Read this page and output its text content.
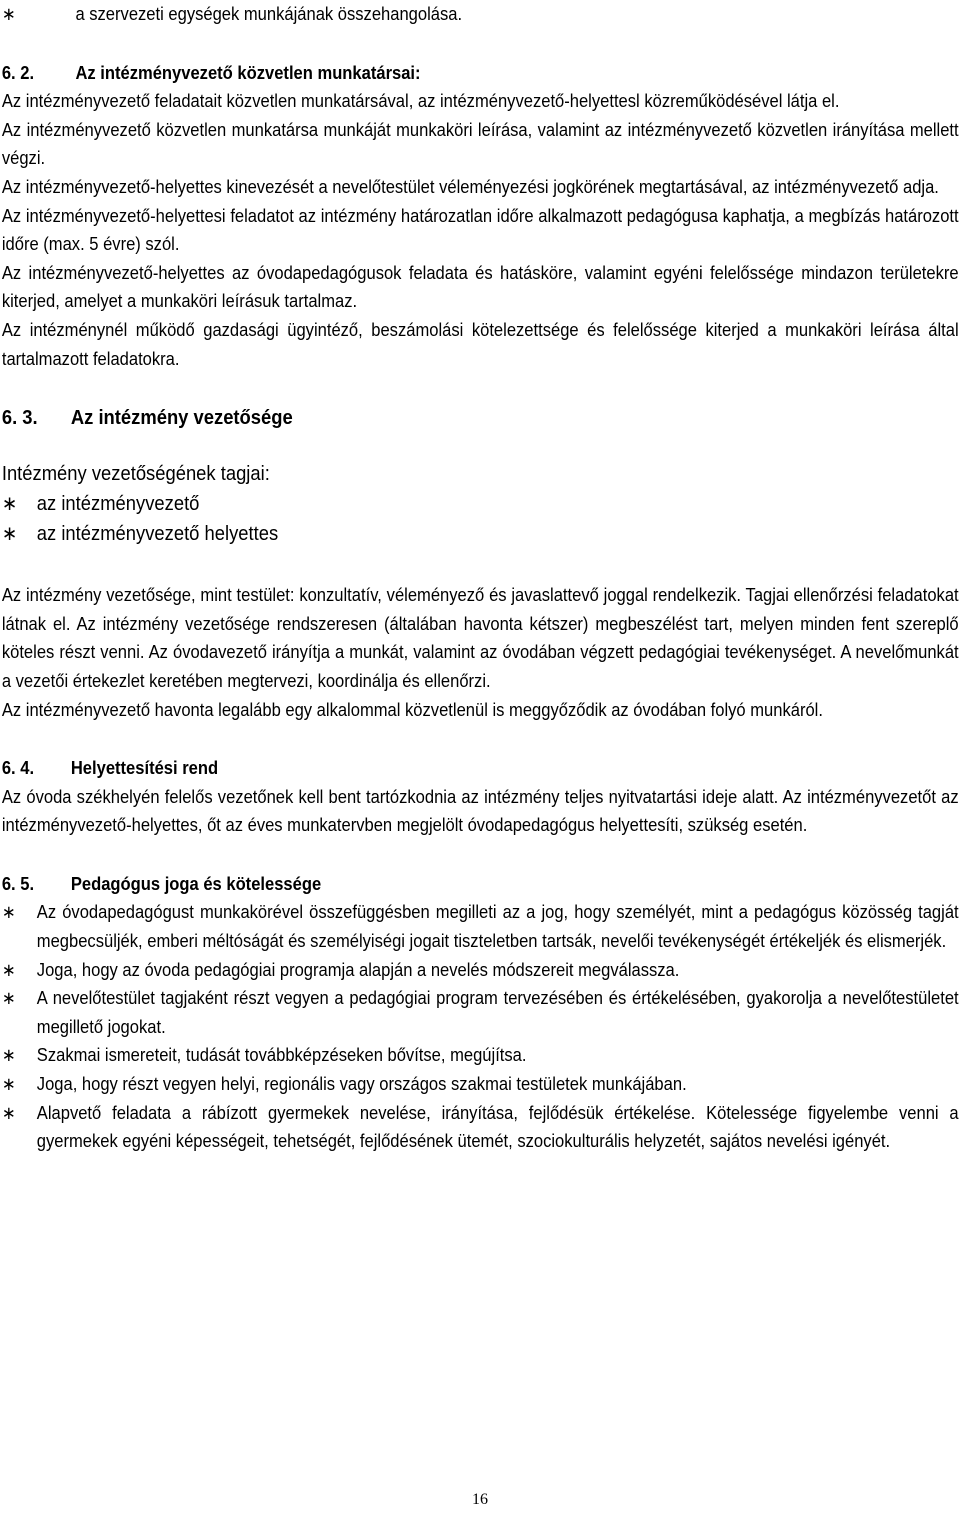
∗	a szervezeti egységek munkájának összehangolása.
6. 2.	Az intézményvezető közvetlen munkatársai:

Az intézményvezető feladatait közvetlen munkatársával, az intézményvezető-helyettesl közreműködésével látja el.

Az intézményvezető közvetlen munkatársa munkáját munkaköri leírása, valamint az intézményvezető közvetlen irányítása mellett végzi.

Az intézményvezető-helyettes kinevezését a nevelőtestület véleményezési jogkörének megtartásával, az intézményvezető adja.

Az intézményvezető-helyettesi feladatot az intézmény határozatlan időre alkalmazott pedagógusa kaphatja, a megbízás határozott időre (max. 5 évre) szól.

Az intézményvezető-helyettes az óvodapedagógusok feladata és hatásköre, valamint egyéni felelőssége mindazon területekre kiterjed, amelyet a munkaköri leírásuk tartalmaz.

Az intézménynél működő gazdasági ügyintéző, beszámolási kötelezettsége és felelőssége kiterjed a munkaköri leírása által tartalmazott feladatokra.

6. 3.	Az intézmény vezetősége

Intézmény vezetőségének tagjai:

∗ az intézményvezető
∗ az intézményvezető helyettes

Az intézmény vezetősége, mint testület: konzultatív, véleményező és javaslattevő joggal rendelkezik. Tagjai ellenőrzési feladatokat látnak el. Az intézmény vezetősége rendszeresen (általában havonta kétszer) megbeszélést tart, melyen minden fent szereplő köteles részt venni. Az óvodavezető irányítja a munkát, valamint az óvodában végzett pedagógiai tevékenységet. A nevelőmunkát a vezetői értekezlet keretében megtervezi, koordinálja és ellenőrzi.

Az intézményvezető havonta legalább egy alkalommal közvetlenül is meggyőződik az óvodában folyó munkáról.

6. 4.	Helyettesítési rend

Az óvoda székhelyén felelős vezetőnek kell bent tartózkodnia az intézmény teljes nyitvatartási ideje alatt. Az intézményvezetőt az intézményvezető-helyettes, őt az éves munkatervben megjelölt óvodapedagógus helyettesíti, szükség esetén.

6. 5.	Pedagógus joga és kötelessége
∗ Az óvodapedagógust munkakörével összefüggésben megilleti az a jog, hogy személyét, mint a pedagógus közösség tagját megbecsüljék, emberi méltóságát és személyiségi jogait tiszteletben tartsák, nevelői tevékenységét értékeljék és elismerjék.
∗ Joga, hogy az óvoda pedagógiai programja alapján a nevelés módszereit megválassza.
∗ A nevelőtestület tagjaként részt vegyen a pedagógiai program tervezésében és értékelésében, gyakorolja a nevelőtestületet megillető jogokat.
∗ Szakmai ismereteit, tudását továbbképzéseken bővítse, megújítsa.
∗ Joga, hogy részt vegyen helyi, regionális vagy országos szakmai testületek munkájában.
∗ Alapvető feladata a rábízott gyermekek nevelése, irányítása, fejlődésük értékelése. Kötelessége figyelembe venni a gyermekek egyéni képességeit, tehetségét, fejlődésének ütemét, szociokulturális helyzetét, sajátos nevelési igényét.
16
